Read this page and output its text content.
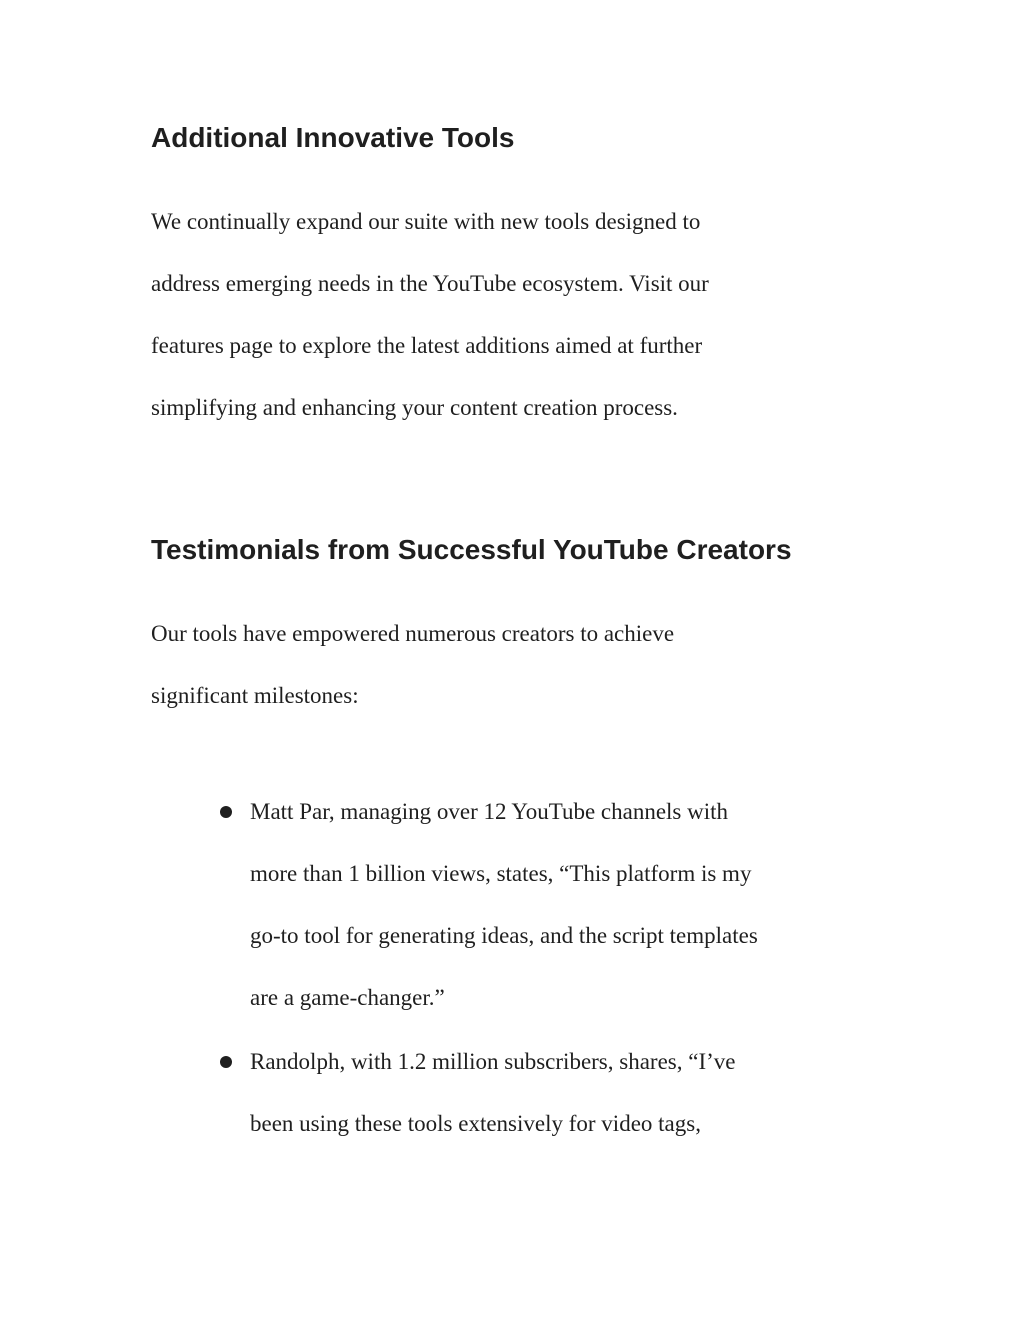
Additional Innovative Tools

We continually expand our suite with new tools designed to
address emerging needs in the YouTube ecosystem. Visit our
features page to explore the latest additions aimed at further
simplifying and enhancing your content creation process.

Testimonials from Successful YouTube Creators

Our tools have empowered numerous creators to achieve
significant milestones:

Matt Par, managing over 12 YouTube channels with
more than 1 billion views, states, “This platform is my
go-to tool for generating ideas, and the script templates
are a game-changer.”
Randolph, with 1.2 million subscribers, shares, “I’ve
been using these tools extensively for video tags,
